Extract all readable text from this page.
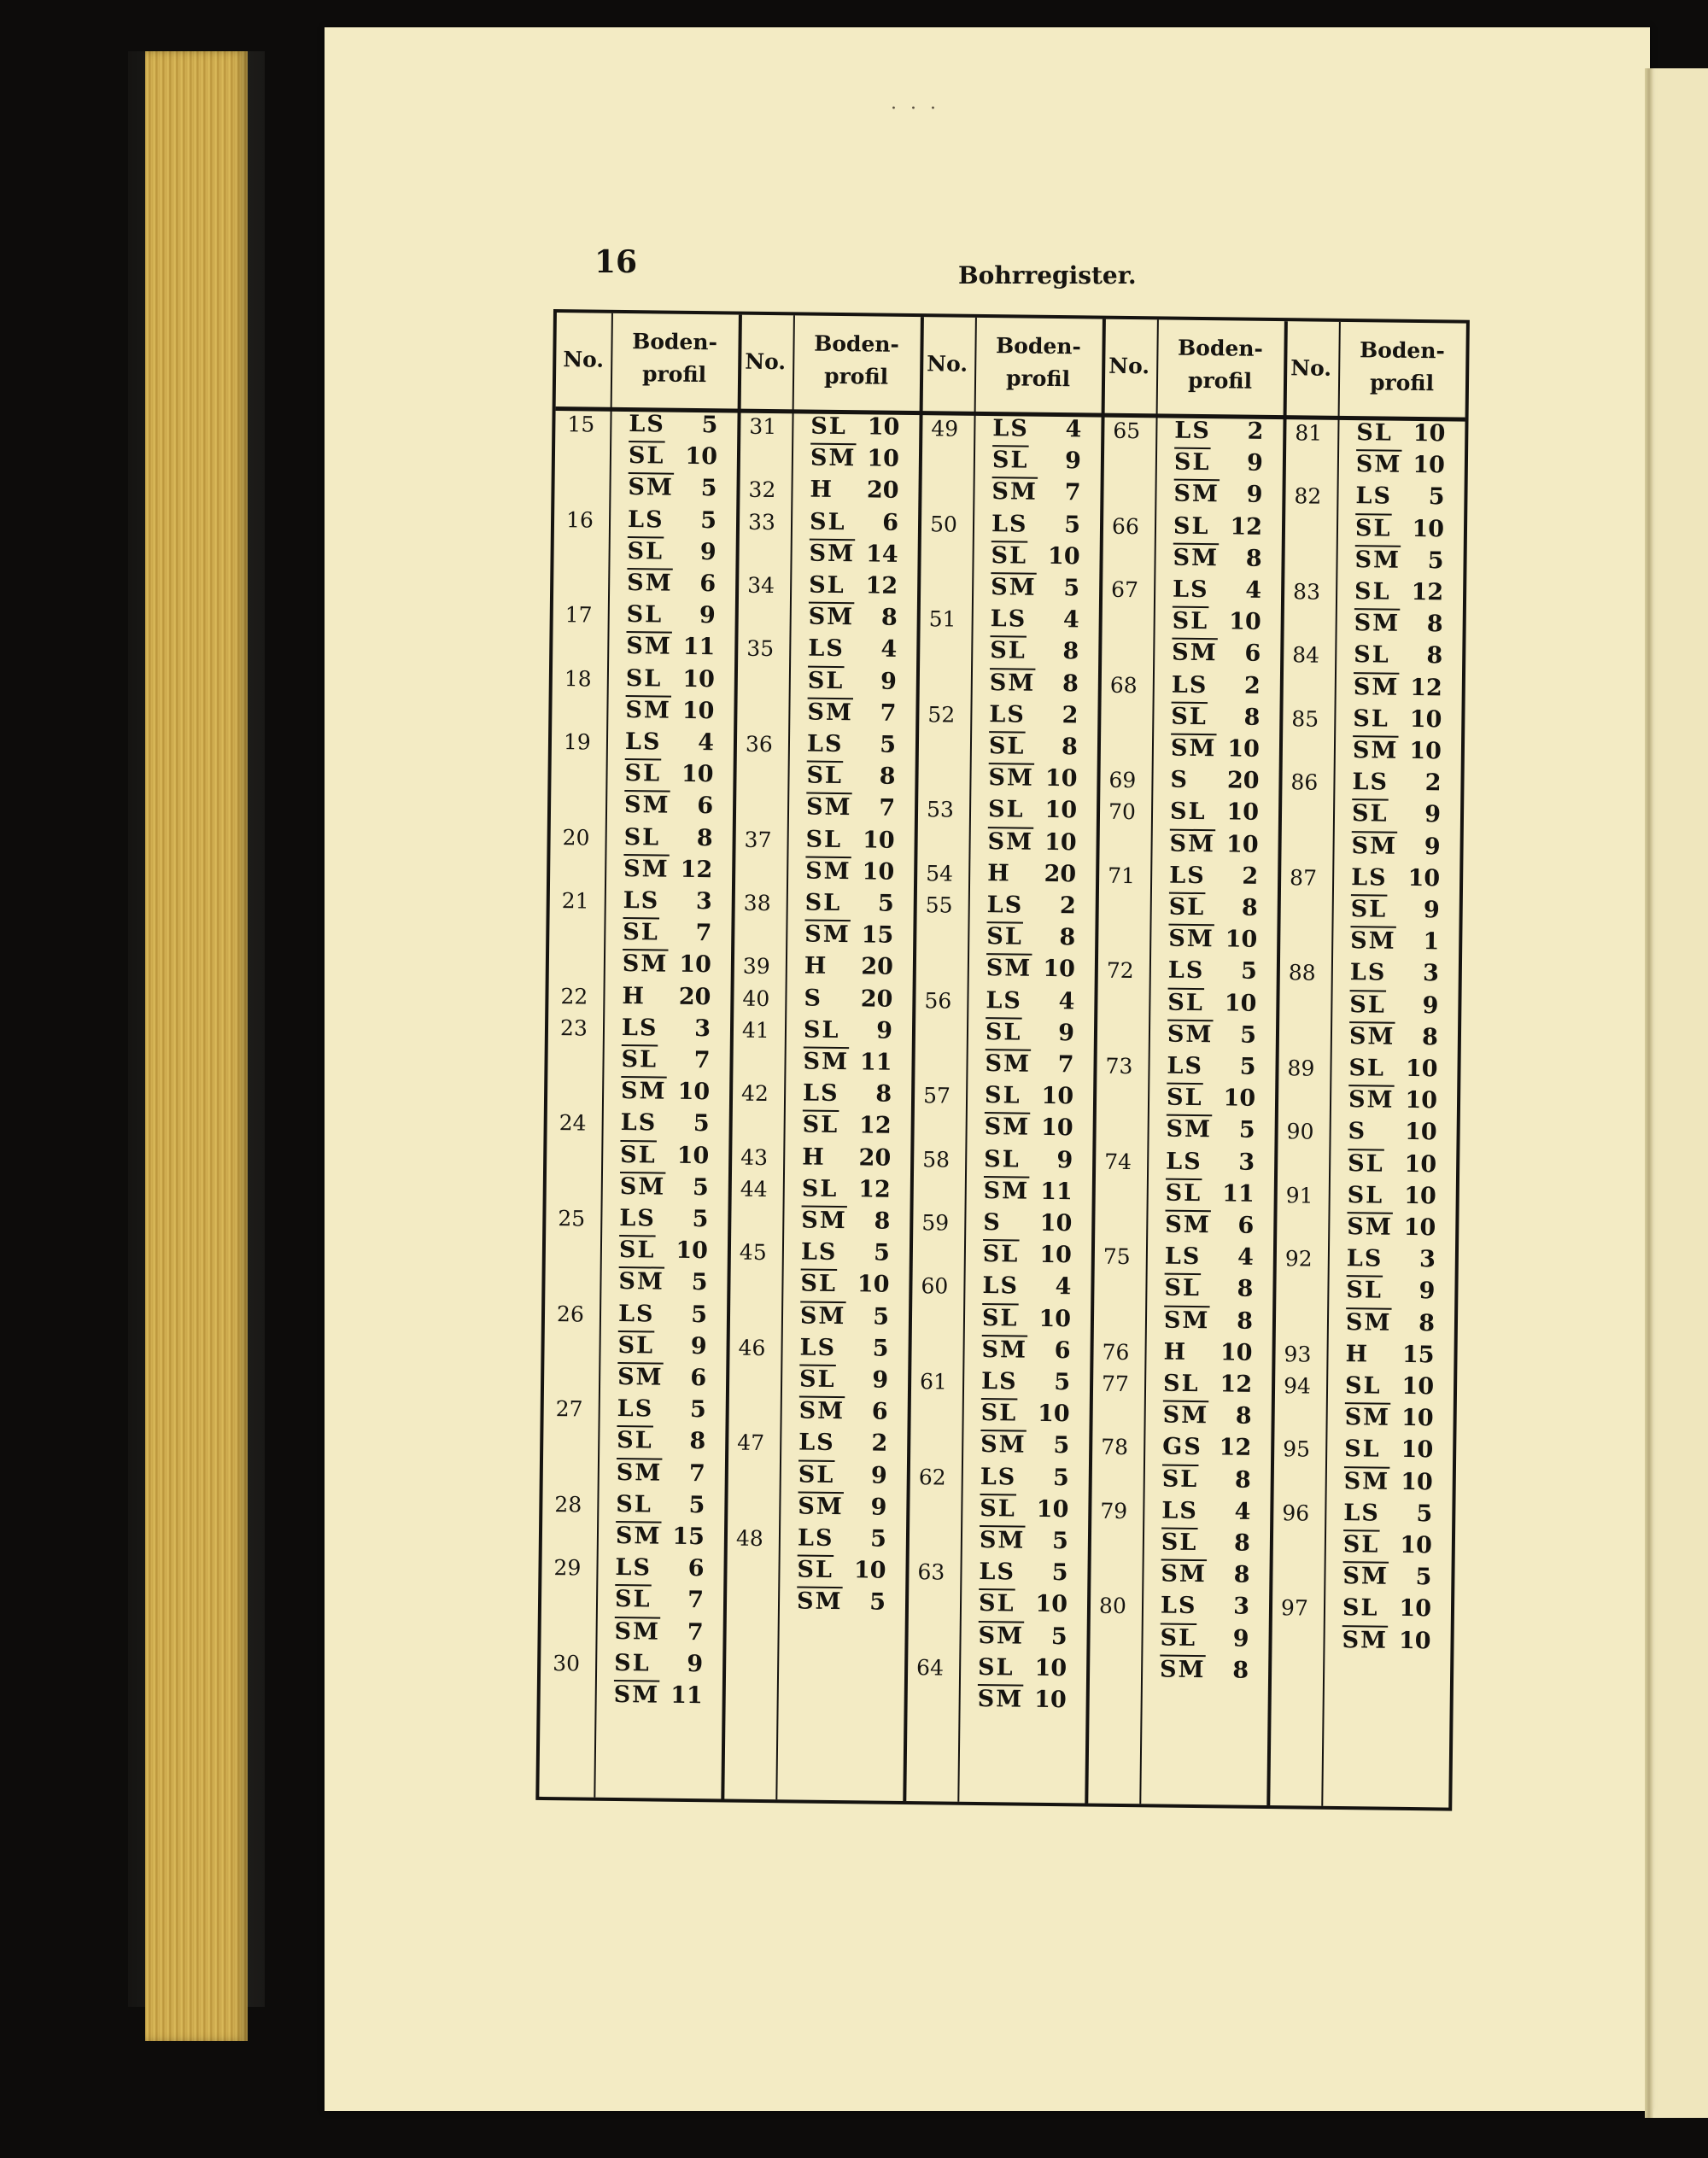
···
16	Bohrregister.
No.
Boden-
profil
15 LS 5
$\overline{SL}$ 10
$\overline{SM}$ 5
16 LS 5
$\overline{SL}$ 9
$\overline{SM}$ 6
17 SL 9
$\overline{SM}$ 11
18 SL 10
$\overline{SM}$ 10
19 LS 4
$\overline{SL}$ 10
$\overline{SM}$ 6
20 SL 8
$\overline{SM}$ 12
21 LS 3
$\overline{SL}$ 7
$\overline{SM}$ 10
22 H 20
23 LS 3
$\overline{SL}$ 7
$\overline{SM}$ 10
24 LS 5
$\overline{SL}$ 10
$\overline{SM}$ 5
25 LS 5
$\overline{SL}$ 10
$\overline{SM}$ 5
26 LS 5
$\overline{SL}$ 9
$\overline{SM}$ 6
27 LS 5
$\overline{SL}$ 8
$\overline{SM}$ 7
28 SL 5
$\overline{SM}$ 15
29 LS 6
$\overline{SL}$ 7
$\overline{SM}$ 7
30 SL 9
$\overline{SM}$ 11
No.
Boden-
profil
31 SL 10
$\overline{SM}$ 10
32 H 20
33 SL 6
$\overline{SM}$ 14
34 SL 12
$\overline{SM}$ 8
35 LS 4
$\overline{SL}$ 9
$\overline{SM}$ 7
36 LS 5
$\overline{SL}$ 8
$\overline{SM}$ 7
37 SL 10
$\overline{SM}$ 10
38 SL 5
$\overline{SM}$ 15
39 H 20
40 S 20
41 SL 9
$\overline{SM}$ 11
42 LS 8
$\overline{SL}$ 12
43 H 20
44 SL 12
$\overline{SM}$ 8
45 LS 5
$\overline{SL}$ 10
$\overline{SM}$ 5
46 LS 5
$\overline{SL}$ 9
$\overline{SM}$ 6
47 LS 2
$\overline{SL}$ 9
$\overline{SM}$ 9
48 LS 5
$\overline{SL}$ 10
$\overline{SM}$ 5
No.
Boden-
profil
49 LS 4
$\overline{SL}$ 9
$\overline{SM}$ 7
50 LS 5
$\overline{SL}$ 10
$\overline{SM}$ 5
51 LS 4
$\overline{SL}$ 8
$\overline{SM}$ 8
52 LS 2
$\overline{SL}$ 8
$\overline{SM}$ 10
53 SL 10
$\overline{SM}$ 10
54 H 20
55 LS 2
$\overline{SL}$ 8
$\overline{SM}$ 10
56 LS 4
$\overline{SL}$ 9
$\overline{SM}$ 7
57 SL 10
$\overline{SM}$ 10
58 SL 9
$\overline{SM}$ 11
59 S 10
$\overline{SL}$ 10
60 LS 4
$\overline{SL}$ 10
$\overline{SM}$ 6
61 LS 5
$\overline{SL}$ 10
$\overline{SM}$ 5
62 LS 5
$\overline{SL}$ 10
$\overline{SM}$ 5
63 LS 5
$\overline{SL}$ 10
$\overline{SM}$ 5
64 SL 10
$\overline{SM}$ 10
No.
Boden-
profil
65 LS 2
$\overline{SL}$ 9
$\overline{SM}$ 9
66 SL 12
$\overline{SM}$ 8
67 LS 4
$\overline{SL}$ 10
$\overline{SM}$ 6
68 LS 2
$\overline{SL}$ 8
$\overline{SM}$ 10
69 S 20
70 SL 10
$\overline{SM}$ 10
71 LS 2
$\overline{SL}$ 8
$\overline{SM}$ 10
72 LS 5
$\overline{SL}$ 10
$\overline{SM}$ 5
73 LS 5
$\overline{SL}$ 10
$\overline{SM}$ 5
74 LS 3
$\overline{SL}$ 11
$\overline{SM}$ 6
75 LS 4
$\overline{SL}$ 8
$\overline{SM}$ 8
76 H 10
77 SL 12
$\overline{SM}$ 8
78 GS 12
$\overline{SL}$ 8
79 LS 4
$\overline{SL}$ 8
$\overline{SM}$ 8
80 LS 3
$\overline{SL}$ 9
$\overline{SM}$ 8
No.
Boden-
profil
81 SL 10
$\overline{SM}$ 10
82 LS 5
$\overline{SL}$ 10
$\overline{SM}$ 5
83 SL 12
$\overline{SM}$ 8
84 SL 8
$\overline{SM}$ 12
85 SL 10
$\overline{SM}$ 10
86 LS 2
$\overline{SL}$ 9
$\overline{SM}$ 9
87 LS 10
$\overline{SL}$ 9
$\overline{SM}$ 1
88 LS 3
$\overline{SL}$ 9
$\overline{SM}$ 8
89 SL 10
$\overline{SM}$ 10
90 S 10
$\overline{SL}$ 10
91 SL 10
$\overline{SM}$ 10
92 LS 3
$\overline{SL}$ 9
$\overline{SM}$ 8
93 H 15
94 SL 10
$\overline{SM}$ 10
95 SL 10
$\overline{SM}$ 10
96 LS 5
$\overline{SL}$ 10
$\overline{SM}$ 5
97 SL 10
$\overline{SM}$ 10
